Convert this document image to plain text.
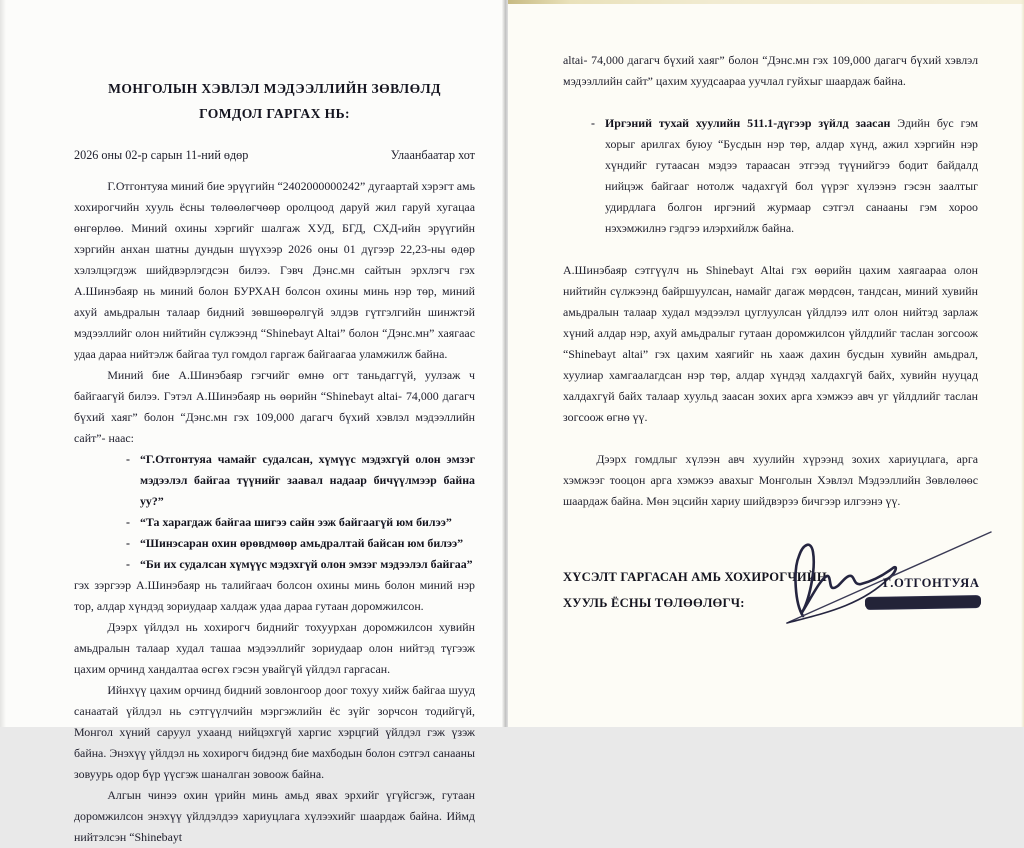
МОНГОЛЫН ХЭВЛЭЛ МЭДЭЭЛЛИЙН ЗӨВЛӨЛД
ГОМДОЛ ГАРГАХ НЬ:
2026 оны 02-р сарын 11-ний өдөр	Улаанбаатар хот

Г.Отгонтуяа миний бие эрүүгийн “2402000000242” дугаартай хэрэгт амь хохирогчийн хууль ёсны төлөөлөгчөөр оролцоод даруй жил гаруй хугацаа өнгөрлөө. Миний охины хэргийг шалгаж ХУД, БГД, СХД-ийн эрүүгийн хэргийн анхан шатны дундын шүүхээр 2026 оны 01 дүгээр 22,23-ны өдөр хэлэлцэгдэж шийдвэрлэгдсэн билээ. Гэвч Дэнс.мн сайтын эрхлэгч гэх А.Шинэбаяр нь миний болон БУРХАН болсон охины минь нэр төр, миний ахуй амьдралын талаар бидний зөвшөөрөлгүй элдэв гүтгэлгийн шинжтэй мэдээллийг олон нийтийн сүлжээнд “Shinebayt Altai” болон “Дэнс.мн” хаягаас удаа дараа нийтэлж байгаа тул гомдол гаргаж байгаагаа уламжилж байна.

Миний бие А.Шинэбаяр гэгчийг өмнө огт таньдаггүй, уулзаж ч байгаагүй билээ. Гэтэл А.Шинэбаяр нь өөрийн “Shinebayt altai- 74,000 дагагч бүхий хаяг” болон “Дэнс.мн гэх 109,000 дагагч бүхий хэвлэл мэдээллийн сайт”- наас:

- “Г.Отгонтуяа чамайг судалсан, хүмүүс мэдэхгүй олон эмзэг мэдээлэл байгаа түүнийг заавал надаар бичүүлмээр байна уу?”
- “Та харагдаж байгаа шигээ сайн ээж байгаагүй юм билээ”
- “Шинэсаран охин өрөвдмөөр амьдралтай байсан юм билээ”
- “Би их судалсан хүмүүс мэдэхгүй олон эмзэг мэдээлэл байгаа”

гэх зэргээр А.Шинэбаяр нь талийгаач болсон охины минь болон миний нэр тор, алдар хүндэд зориудаар халдаж удаа дараа гутаан доромжилсон.

Дээрх үйлдэл нь хохирогч биднийг тохуурхан доромжилсон хувийн амьдралын талаар худал ташаа мэдээллийг зориудаар олон нийтэд түгээж цахим орчинд хандалтаа өсгөх гэсэн увайгүй үйлдэл гаргасан.

Ийнхүү цахим орчинд бидний зовлонгоор доог тохуу хийж байгаа шууд санаатай үйлдэл нь сэтгүүлчийн мэргэжлийн ёс зүйг зорчсон тодийгүй, Монгол хүний саруул ухаанд нийцэхгүй харгис хэрцгий үйлдэл гэж үзэж байна. Энэхүү үйлдэл нь хохирогч бидэнд бие махбодын болон сэтгэл санааны зовуурь одор бүр үүсгэж шаналган зовоож байна.

Алгын чинээ охин үрийн минь амьд явах эрхийг үгүйсгэж, гутаан доромжилсон энэхүү үйлдэлдээ хариуцлага хүлээхийг шаардаж байна. Иймд нийтэлсэн “Shinebayt

altai- 74,000 дагагч бүхий хаяг” болон “Дэнс.мн гэх 109,000 дагагч бүхий хэвлэл мэдээллийн сайт” цахим хуудсаараа уучлал гуйхыг шаардаж байна.

- Иргэний тухай хуулийн 511.1-дүгээр зүйлд заасан Эдийн бус гэм хорыг арилгах буюу “Бусдын нэр төр, алдар хүнд, ажил хэргийн нэр хүндийг гутаасан мэдээ тараасан этгээд түүнийгээ бодит байдалд нийцэж байгааг нотолж чадахгүй бол үүрэг хүлээнэ гэсэн заалтыг удирдлага болгон иргэний журмаар сэтгэл санааны гэм хороо нэхэмжилнэ гэдгээ илэрхийлж байна.

А.Шинэбаяр сэтгүүлч нь Shinebayt Altai гэх өөрийн цахим хаягаараа олон нийтийн сүлжээнд байршуулсан, намайг дагаж мөрдсөн, тандсан, миний хувийн амьдралын талаар худал мэдээлэл цуглуулсан үйлдлээ илт олон нийтэд зарлаж хүний алдар нэр, ахуй амьдралыг гутаан доромжилсон үйлдлийг таслан зогсоож “Shinebayt altai” гэх цахим хаягийг нь хааж дахин бусдын хувийн амьдрал, хуулиар хамгаалагдсан нэр төр, алдар хүндэд халдахгүй байх, хувийн нууцад халдахгүй байх талаар хуульд заасан зохих арга хэмжээ авч уг үйлдлийг таслан зогсоож өгнө үү.

Дээрх гомдлыг хүлээн авч хуулийн хүрээнд зохих хариуцлага, арга хэмжээг тооцон арга хэмжээ авахыг Монголын Хэвлэл Мэдээллийн Зөвлөлөөс шаардаж байна. Мөн эцсийн хариу шийдвэрээ бичгээр илгээнэ үү.

ХҮСЭЛТ ГАРГАСАН АМЬ ХОХИРОГЧИЙН
ХУУЛЬ ЁСНЫ ТӨЛӨӨЛӨГЧ:
Г.ОТГОНТУЯА
